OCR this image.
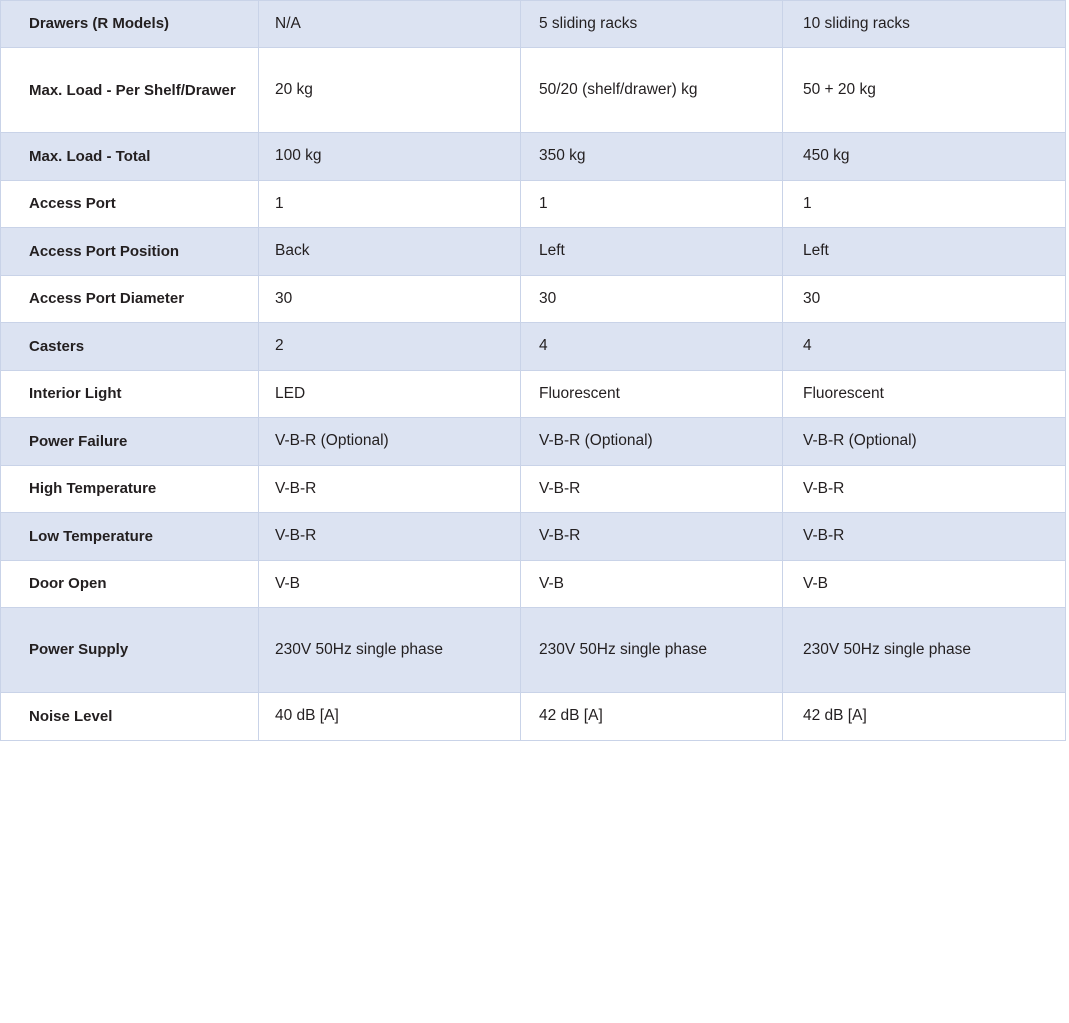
Drawers (R Models)	N/A	5 sliding racks	10 sliding racks
Max. Load - Per Shelf/Drawer	20 kg	50/20 (shelf/drawer) kg	50 + 20 kg
Max. Load - Total	100 kg	350 kg	450 kg
Access Port	1	1	1
Access Port Position	Back	Left	Left
Access Port Diameter	30	30	30
Casters	2	4	4
Interior Light	LED	Fluorescent	Fluorescent
Power Failure	V-B-R (Optional)	V-B-R (Optional)	V-B-R (Optional)
High Temperature	V-B-R	V-B-R	V-B-R
Low Temperature	V-B-R	V-B-R	V-B-R
Door Open	V-B	V-B	V-B
Power Supply	230V 50Hz single phase	230V 50Hz single phase	230V 50Hz single phase
Noise Level	40 dB [A]	42 dB [A]	42 dB [A]
